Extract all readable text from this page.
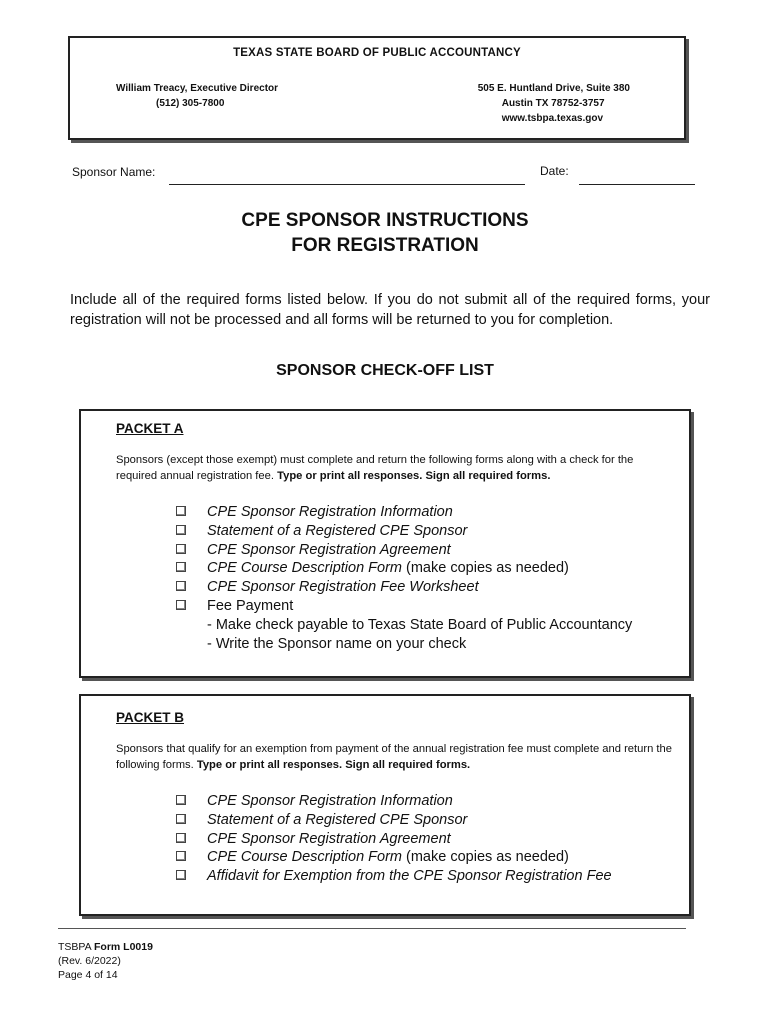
TEXAS STATE BOARD OF PUBLIC ACCOUNTANCY
William Treacy, Executive Director
(512) 305-7800
505 E. Huntland Drive, Suite 380
Austin TX 78752-3757
www.tsbpa.texas.gov
Sponsor Name:	Date:
CPE SPONSOR INSTRUCTIONS
FOR REGISTRATION
Include all of the required forms listed below. If you do not submit all of the required forms, your registration will not be processed and all forms will be returned to you for completion.
SPONSOR CHECK-OFF LIST
PACKET A
Sponsors (except those exempt) must complete and return the following forms along with a check for the required annual registration fee. Type or print all responses. Sign all required forms.
CPE Sponsor Registration Information
Statement of a Registered CPE Sponsor
CPE Sponsor Registration Agreement
CPE Course Description Form (make copies as needed)
CPE Sponsor Registration Fee Worksheet
Fee Payment
- Make check payable to Texas State Board of Public Accountancy
- Write the Sponsor name on your check
PACKET B
Sponsors that qualify for an exemption from payment of the annual registration fee must complete and return the following forms. Type or print all responses. Sign all required forms.
CPE Sponsor Registration Information
Statement of a Registered CPE Sponsor
CPE Sponsor Registration Agreement
CPE Course Description Form (make copies as needed)
Affidavit for Exemption from the CPE Sponsor Registration Fee
TSBPA Form L0019
(Rev. 6/2022)
Page 4 of 14
